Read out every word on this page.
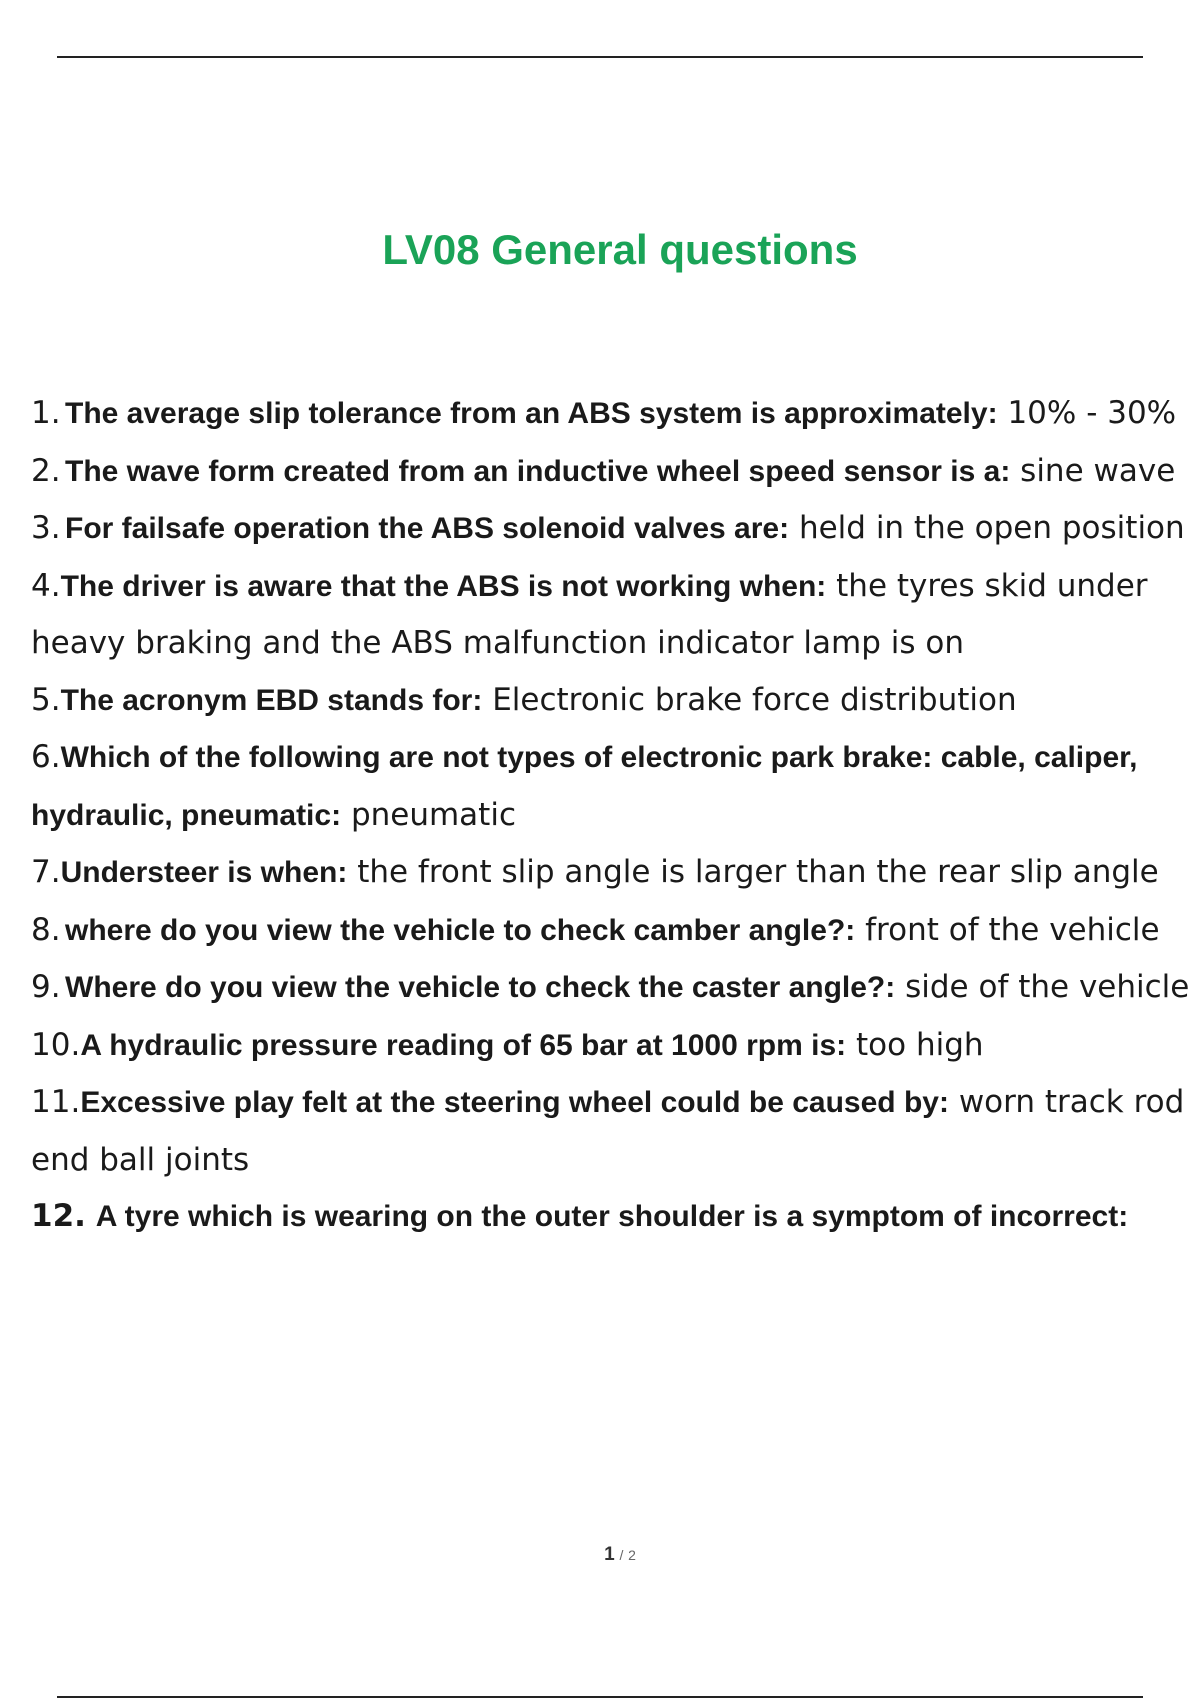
LV08 General questions
1. The average slip tolerance from an ABS system is approximately: 10% - 30%
2. The wave form created from an inductive wheel speed sensor is a: sine wave
3. For failsafe operation the ABS solenoid valves are: held in the open position
4.The driver is aware that the ABS is not working when: the tyres skid under heavy braking and the ABS malfunction indicator lamp is on
5.The acronym EBD stands for: Electronic brake force distribution
6.Which of the following are not types of electronic park brake: cable, caliper, hydraulic, pneumatic: pneumatic
7.Understeer is when: the front slip angle is larger than the rear slip angle
8. where do you view the vehicle to check camber angle?: front of the vehicle
9. Where do you view the vehicle to check the caster angle?: side of the vehicle
10.A hydraulic pressure reading of 65 bar at 1000 rpm is: too high
11.Excessive play felt at the steering wheel could be caused by: worn track rod end ball joints
12. A tyre which is wearing on the outer shoulder is a symptom of incorrect:
1 / 2
